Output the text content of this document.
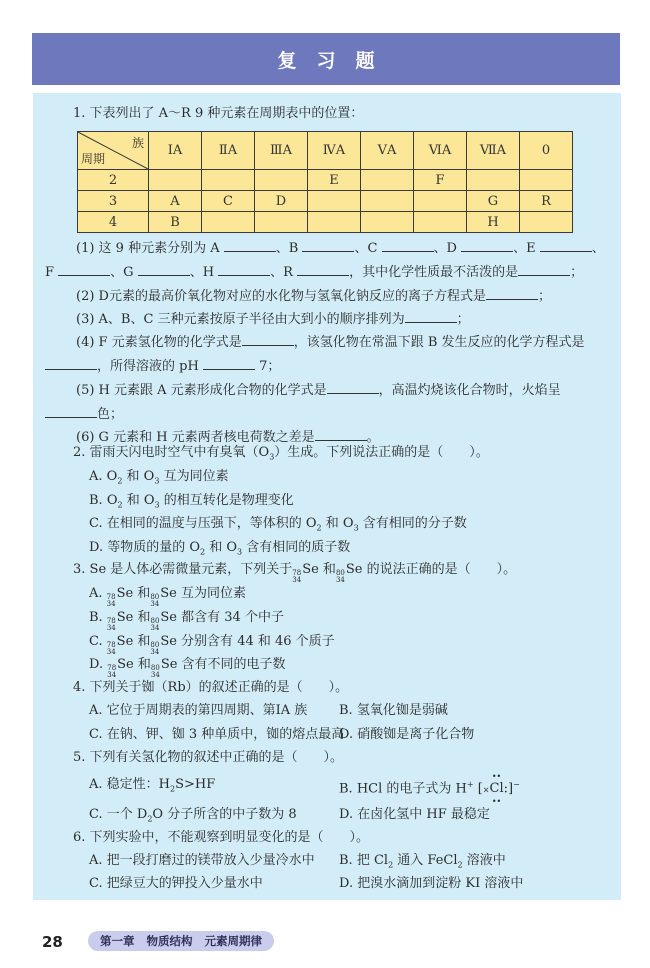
复习题
1. 下表列出了 A～R 9 种元素在周期表中的位置：
族
周期	ⅠA	ⅡA	ⅢA	ⅣA	ⅤA	ⅥA	ⅦA	0
2				E		F		
3	A	C	D				G	R
4	B						H	
(1) 这 9 种元素分别为 A	、B	、C	、D	、E	、
F	、G	、H	、R	，其中化学性质最不活泼的是	；
(2) D元素的最高价氧化物对应的水化物与氢氧化钠反应的离子方程式是	；
(3) A、B、C 三种元素按原子半径由大到小的顺序排列为	；
(4) F 元素氢化物的化学式是	，该氢化物在常温下跟 B 发生反应的化学方程式是
，所得溶液的 pH	7；
(5) H 元素跟 A 元素形成化合物的化学式是	，高温灼烧该化合物时，火焰呈
色；
(6) G 元素和 H 元素两者核电荷数之差是	。
2. 雷雨天闪电时空气中有臭氧$(O_3)$生成。下列说法正确的是（　　）。
A. $O_2$ 和 $O_3$ 互为同位素
B. $O_2$ 和 $O_3$ 的相互转化是物理变化
C. 在相同的温度与压强下，等体积的 $O_2$ 和 $O_3$ 含有相同的分子数
D. 等物质的量的 $O_2$ 和 $O_3$ 含有相同的质子数
3. Se 是人体必需微量元素，下列关于 78
34
Se 和 80
34
Se 的说法正确的是（　　）。
A. 78
34
Se 和 80
34
Se 互为同位素
B. 78
34
Se 和 80
34
Se 都含有 34 个中子
C. 78
34
Se 和 80
34
Se 分别含有 44 和 46 个质子
D. 78
34
Se 和 80
34
Se 含有不同的电子数
4. 下列关于铷（Rb）的叙述正确的是（　　）。
A. 它位于周期表的第四周期、第ⅠA 族 B. 氢氧化铷是弱碱
C. 在钠、钾、铷 3 种单质中，铷的熔点最高
D. 硝酸铷是离子化合物
5. 下列有关氢化物的叙述中正确的是（　　）。
A. 稳定性：$H_2S>HF$	B. HCl 的电子式为 H+ [×
••
Cl
••
:]−
C. 一个 $D_2O$ 分子所含的中子数为 8	D. 在卤化氢中 HF 最稳定
6. 下列实验中，不能观察到明显变化的是（　　）。
A. 把一段打磨过的镁带放入少量冷水中 B. 把 $Cl_2$ 通入 FeCl$_2$ 溶液中
C. 把绿豆大的钾投入少量水中	D. 把溴水滴加到淀粉 KI 溶液中
28	第一章   物质结构   元素周期律
